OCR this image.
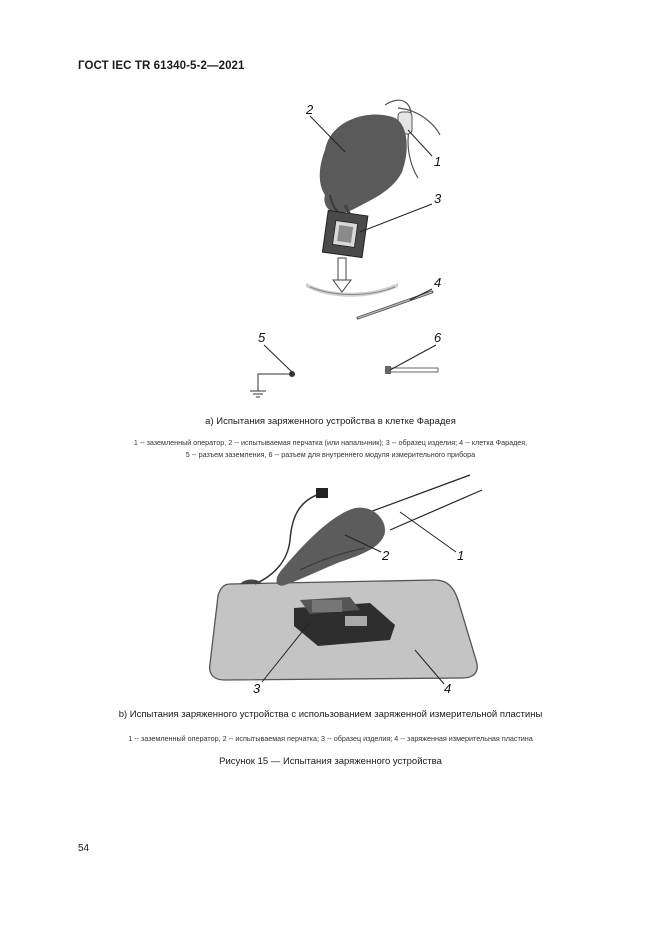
ГОСТ IEC TR 61340-5-2—2021
2
1
3
4
5	6
а) Испытания заряженного устройства в клетке Фарадея
1 -- заземленный оператор, 2 -- испытываемая перчатка (или напальчник); 3 -- образец изделия; 4 -- клетка Фарадея,
5 -- разъем заземления, 6 -- разъем для внутреннего модуля измерительного прибора
1
2
3	4
b) Испытания заряженного устройства с использованием заряженной измерительной пластины
1 -- заземленный оператор, 2 -- испытываемая перчатка; 3 -- образец изделия; 4 -- заряженная измерительная пластина
Рисунок 15 — Испытания заряженного устройства
54
